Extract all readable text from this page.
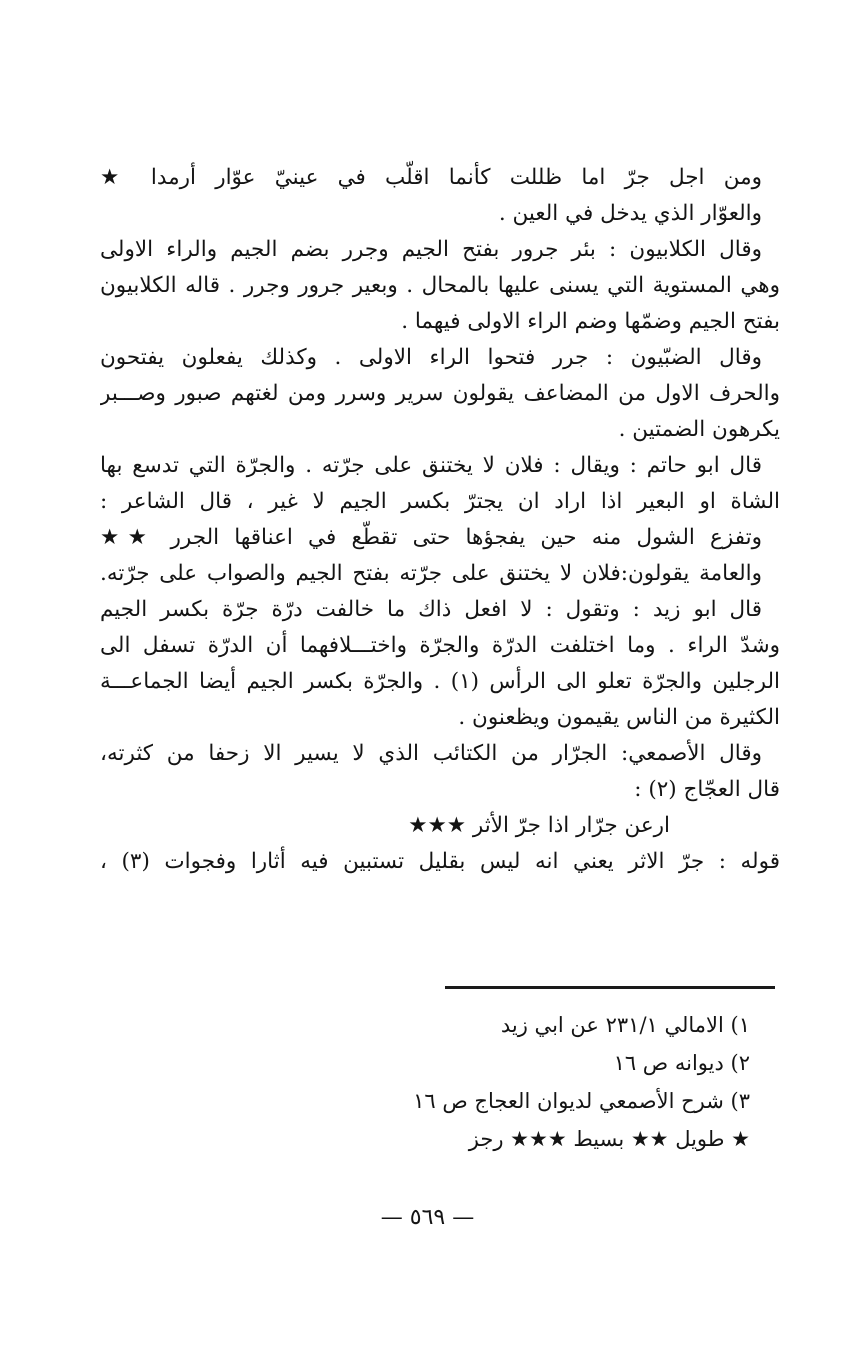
ومن اجل جرّ اما ظللت كأنما اقلّب في عينيّ عوّار أرمدا ★
والعوّار الذي يدخل في العين .
وقال الكلابيون : بئر جرور بفتح الجيم وجرر بضم الجيم والراء الاولى
وهي المستوية التي يسنى عليها بالمحال . وبعير جرور وجرر . قاله الكلابيون
بفتح الجيم وضمّها وضم الراء الاولى فيهما .
وقال الضبّيون : جرر فتحوا الراء الاولى . وكذلك يفعلون يفتحون
والحرف الاول من المضاعف يقولون سرير وسرر ومن لغتهم صبور وصـــبر
يكرهون الضمتين .
قال ابو حاتم : ويقال : فلان لا يختنق على جرّته . والجرّة التي تدسع بها
الشاة او البعير اذا اراد ان يجترّ بكسر الجيم لا غير ، قال الشاعر :
وتفزع الشول منه حين يفجؤها حتى تقطّع في اعناقها الجرر ★★
والعامة يقولون:فلان لا يختنق على جرّته بفتح الجيم والصواب على جرّته.
قال ابو زيد : وتقول : لا افعل ذاك ما خالفت درّة جرّة بكسر الجيم
وشدّ الراء . وما اختلفت الدرّة والجرّة واختـــلافهما أن الدرّة تسفل الى
الرجلين والجرّة تعلو الى الرأس (١) . والجرّة بكسر الجيم أيضا الجماعـــة
الكثيرة من الناس يقيمون ويظعنون .
وقال الأصمعي: الجرّار من الكتائب الذي لا يسير الا زحفا من كثرته،
قال العجّاج (٢) :
ارعن جرّار اذا جرّ الأثر ★★★
قوله : جرّ الاثر يعني انه ليس بقليل تستبين فيه أثارا وفجوات (٣) ،
١) الامالي ٢٣١/١ عن ابي زيد
٢) ديوانه ص ١٦
٣) شرح الأصمعي لديوان العجاج ص ١٦
★ طويل ★★ بسيط ★★★ رجز
— ٥٦٩ —
